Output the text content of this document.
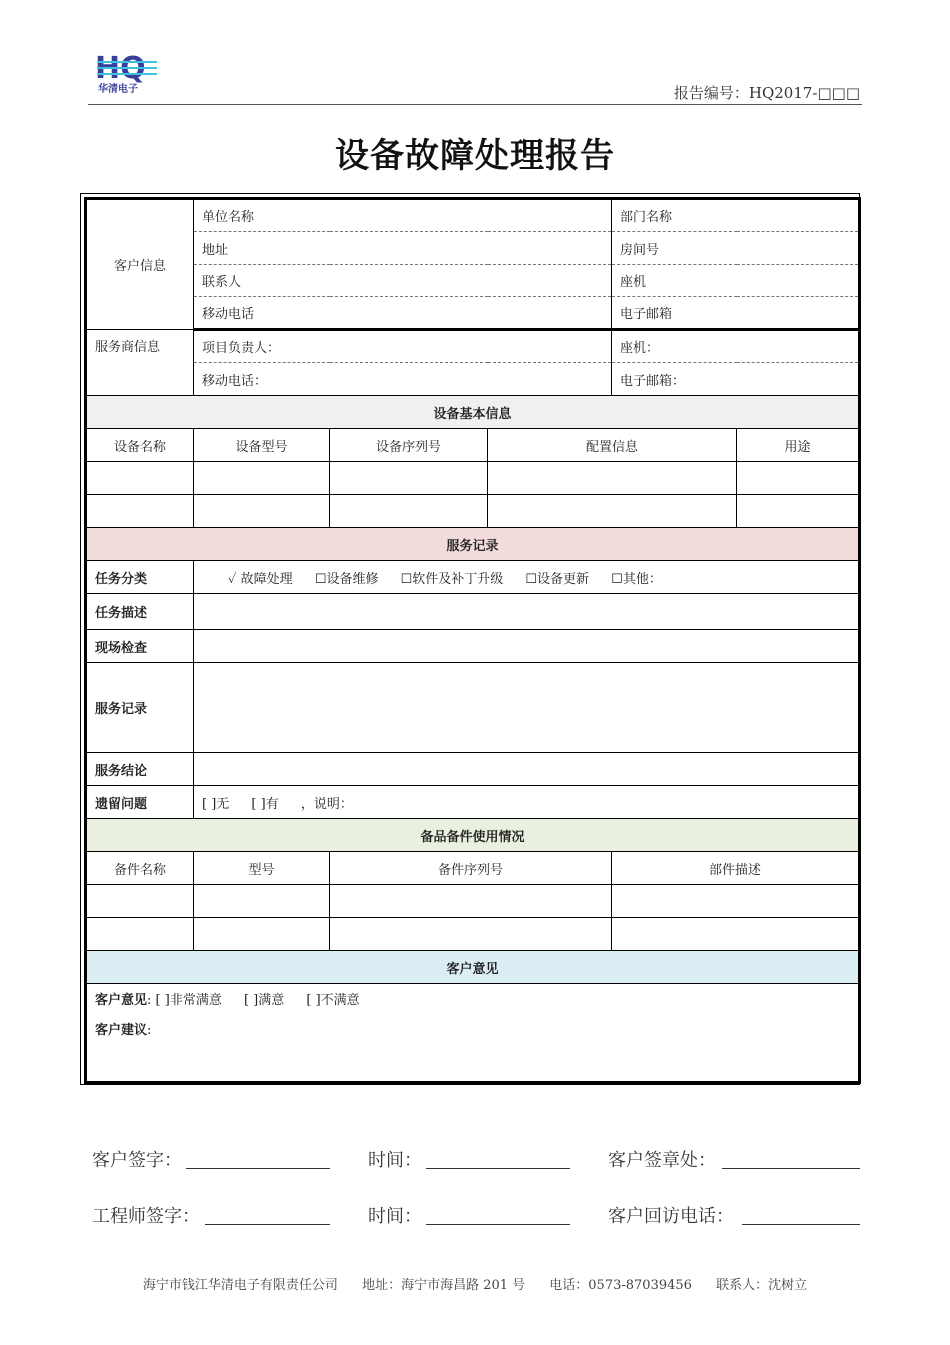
HQ
华清电子	报告编号：HQ2017-□□□
设备故障处理报告
客户信息	单位名称			部门名称	
	地址			房间号	
	联系人			座机	
	移动电话			电子邮箱	
服务商信息	项目负责人：			座机：	
	移动电话：			电子邮箱：	
设备基本信息					
设备名称	设备型号	设备序列号	配置信息		用途

服务记录					
任务分类	✓ 故障处理 ☐设备维修 ☐软件及补丁升级 ☐设备更新 ☐其他：				
任务描述					
现场检查					
服务记录					
服务结论					
遗留问题	[ ]无 [ ]有 ，说明：				
备品备件使用情况					
备件名称	型号	备件序列号		部件描述	

客户意见					

客户意见: [ ]非常满意 [ ]满意 [ ]不满意
客户建议:					
客户签字：	时间：	客户签章处：
工程师签字：	时间：	客户回访电话：
海宁市钱江华清电子有限责任公司 地址：海宁市海昌路 201 号 电话：0573-87039456 联系人：沈树立
